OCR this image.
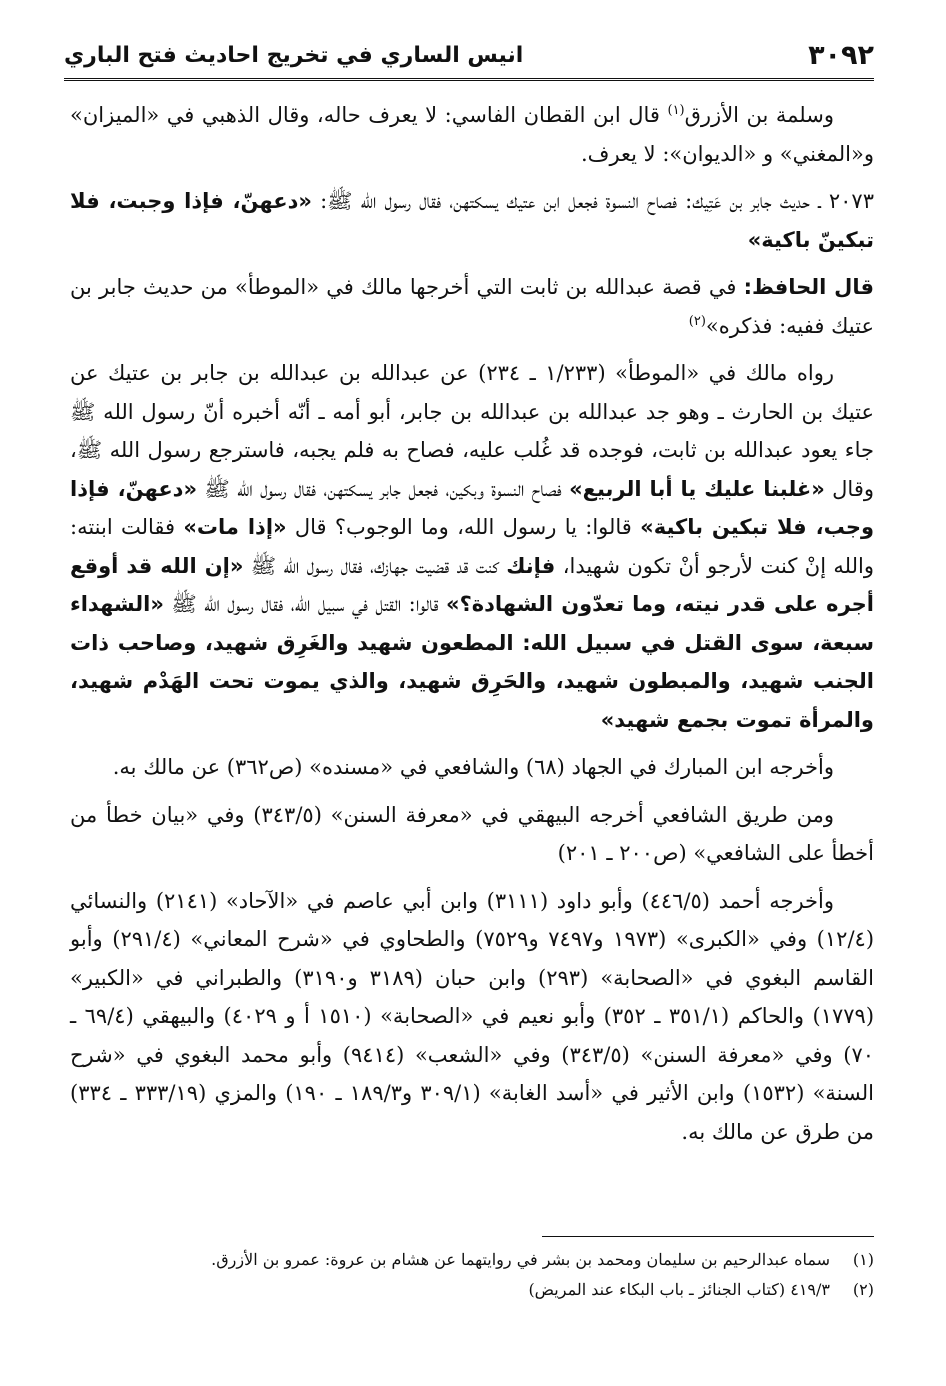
٣٠٩٢
انيس الساري في تخريج احاديث فتح الباري

وسلمة بن الأزرق$^{(١)}$ قال ابن القطان الفاسي: لا يعرف حاله، وقال الذهبي في «الميزان» و«المغني» و «الديوان»: لا يعرف.

٢٠٧٣ ـ حديث جابر بن عَتِيك: فصاح النسوة فجعل ابن عتيك يسكتهن، فقال رسول الله ﷺ: «دعهنّ، فإذا وجبت، فلا تبكينّ باكية»

قال الحافظ: في قصة عبدالله بن ثابت التي أخرجها مالك في «الموطأ» من حديث جابر بن عتيك ففيه: فذكره»$^{(٢)}$

رواه مالك في «الموطأ» (١/٢٣٣ ـ ٢٣٤) عن عبدالله بن عبدالله بن جابر بن عتيك عن عتيك بن الحارث ـ وهو جد عبدالله بن عبدالله بن جابر، أبو أمه ـ أنّه أخبره أنّ رسول الله ﷺ جاء يعود عبدالله بن ثابت، فوجده قد غُلب عليه، فصاح به فلم يجبه، فاسترجع رسول الله ﷺ، وقال «غلبنا عليك يا أبا الربيع» فصاح النسوة وبكين، فجعل جابر يسكتهن، فقال رسول الله ﷺ «دعهنّ، فإذا وجب، فلا تبكين باكية» قالوا: يا رسول الله، وما الوجوب؟ قال «إذا مات» فقالت ابنته: والله إنْ كنت لأرجو أنْ تكون شهيدا، فإنك كنت قد قضيت جهازك، فقال رسول الله ﷺ «إن الله قد أوقع أجره على قدر نيته، وما تعدّون الشهادة؟» قالوا: القتل في سبيل الله، فقال رسول الله ﷺ «الشهداء سبعة، سوى القتل في سبيل الله: المطعون شهيد والغَرِق شهيد، وصاحب ذات الجنب شهيد، والمبطون شهيد، والحَرِق شهيد، والذي يموت تحت الهَدْم شهيد، والمرأة تموت بجمع شهيد»

وأخرجه ابن المبارك في الجهاد (٦٨) والشافعي في «مسنده» (ص٣٦٢) عن مالك به.

ومن طريق الشافعي أخرجه البيهقي في «معرفة السنن» (٣٤٣/٥) وفي «بيان خطأ من أخطأ على الشافعي» (ص٢٠٠ ـ ٢٠١)

وأخرجه أحمد (٤٤٦/٥) وأبو داود (٣١١١) وابن أبي عاصم في «الآحاد» (٢١٤١) والنسائي (١٢/٤) وفي «الكبرى» (١٩٧٣ و٧٤٩٧ و٧٥٢٩) والطحاوي في «شرح المعاني» (٢٩١/٤) وأبو القاسم البغوي في «الصحابة» (٢٩٣) وابن حبان (٣١٨٩ و٣١٩٠) والطبراني في «الكبير» (١٧٧٩) والحاكم (٣٥١/١ ـ ٣٥٢) وأبو نعيم في «الصحابة» (١٥١٠ أ و ٤٠٢٩) والبيهقي (٦٩/٤ ـ ٧٠) وفي «معرفة السنن» (٣٤٣/٥) وفي «الشعب» (٩٤١٤) وأبو محمد البغوي في «شرح السنة» (١٥٣٢) وابن الأثير في «أسد الغابة» (٣٠٩/١ و١٨٩/٣ ـ ١٩٠) والمزي (٣٣٣/١٩ ـ ٣٣٤) من طرق عن مالك به.

(١)
سماه عبدالرحيم بن سليمان ومحمد بن بشر في روايتهما عن هشام بن عروة: عمرو بن الأزرق.
(٢)
٤١٩/٣ (كتاب الجنائز ـ باب البكاء عند المريض)
